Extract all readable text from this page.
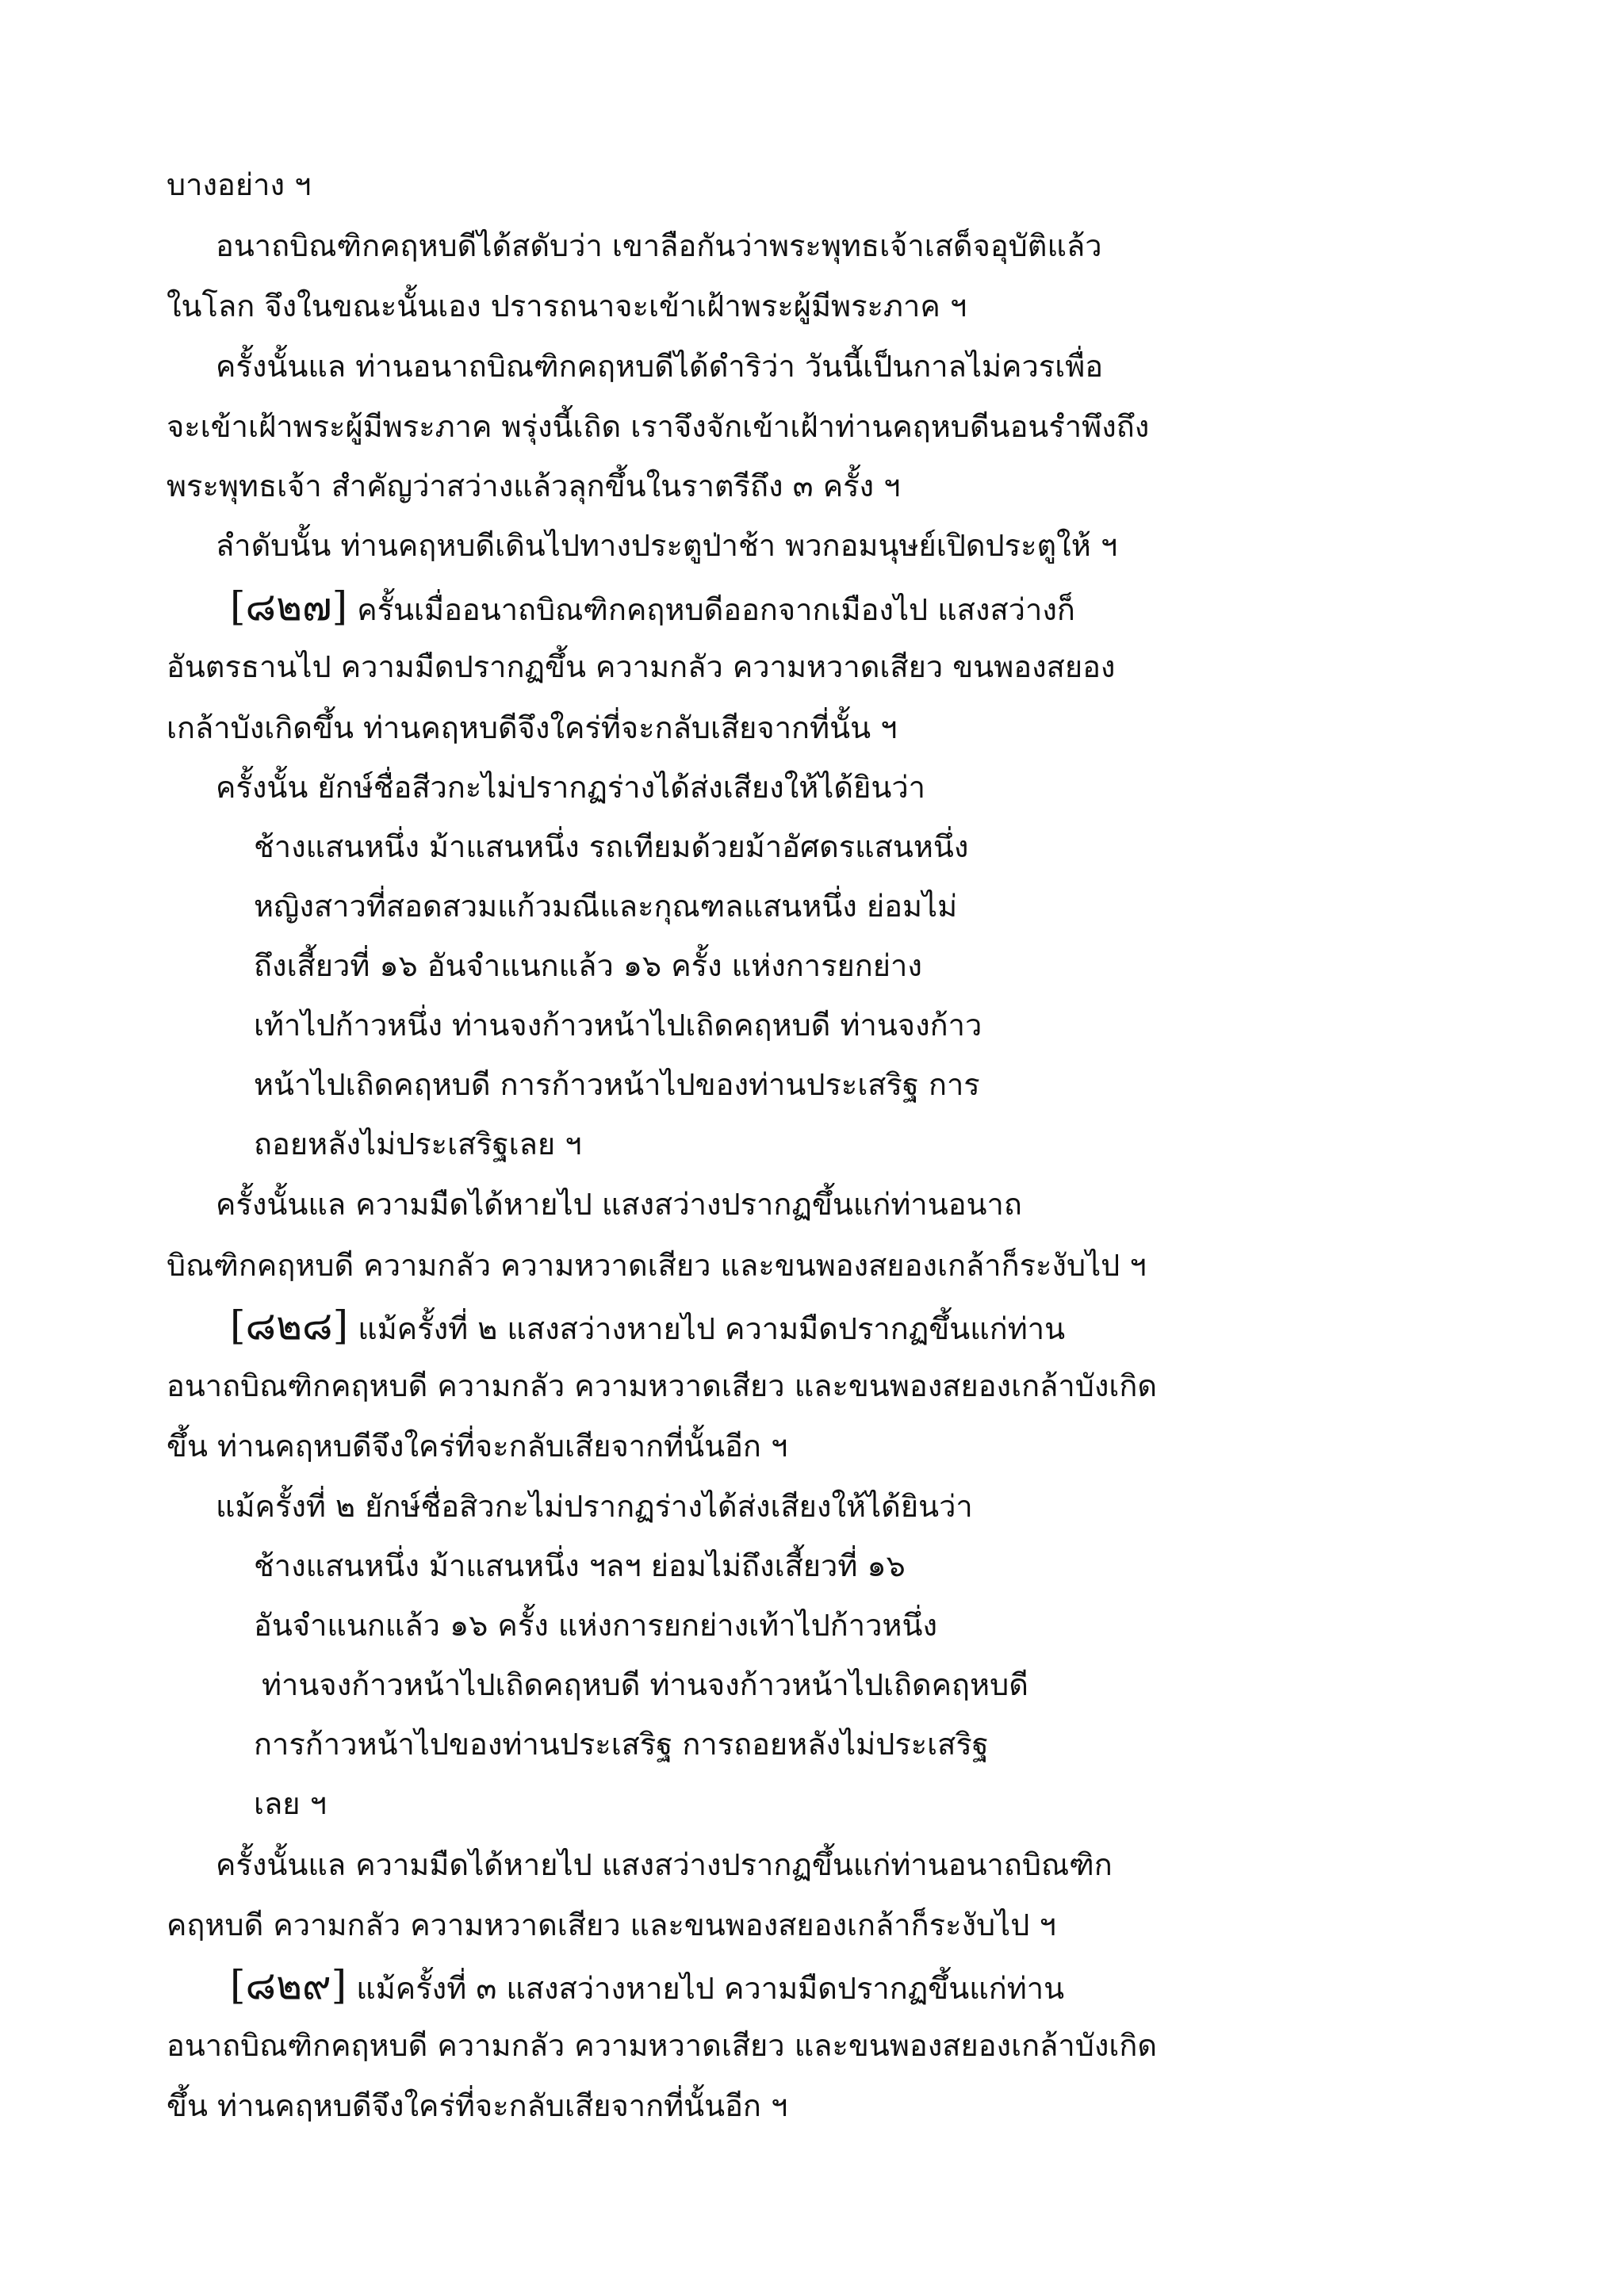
บางอย่าง ฯ

อนาถบิณฑิกคฤหบดีได้สดับว่า เขาลือกันว่าพระพุทธเจ้าเสด็จอุบัติแล้ว

ในโลก จึงในขณะนั้นเอง ปรารถนาจะเข้าเฝ้าพระผู้มีพระภาค ฯ

ครั้งนั้นแล ท่านอนาถบิณฑิกคฤหบดีได้ดำริว่า วันนี้เป็นกาลไม่ควรเพื่อ

จะเข้าเฝ้าพระผู้มีพระภาค พรุ่งนี้เถิด เราจึงจักเข้าเฝ้าท่านคฤหบดีนอนรำพึงถึง

พระพุทธเจ้า สำคัญว่าสว่างแล้วลุกขึ้นในราตรีถึง ๓ ครั้ง ฯ

ลำดับนั้น ท่านคฤหบดีเดินไปทางประตูป่าช้า พวกอมนุษย์เปิดประตูให้ ฯ

[๘๒๗] ครั้นเมื่ออนาถบิณฑิกคฤหบดีออกจากเมืองไป แสงสว่างก็

อันตรธานไป ความมืดปรากฏขึ้น ความกลัว ความหวาดเสียว ขนพองสยอง

เกล้าบังเกิดขึ้น ท่านคฤหบดีจึงใคร่ที่จะกลับเสียจากที่นั้น ฯ

ครั้งนั้น ยักษ์ชื่อสีวกะไม่ปรากฏร่างได้ส่งเสียงให้ได้ยินว่า

ช้างแสนหนึ่ง ม้าแสนหนึ่ง รถเทียมด้วยม้าอัศดรแสนหนึ่ง

หญิงสาวที่สอดสวมแก้วมณีและกุณฑลแสนหนึ่ง ย่อมไม่

ถึงเสี้ยวที่ ๑๖ อันจำแนกแล้ว ๑๖ ครั้ง แห่งการยกย่าง

เท้าไปก้าวหนึ่ง ท่านจงก้าวหน้าไปเถิดคฤหบดี ท่านจงก้าว

หน้าไปเถิดคฤหบดี การก้าวหน้าไปของท่านประเสริฐ การ

ถอยหลังไม่ประเสริฐเลย ฯ

ครั้งนั้นแล ความมืดได้หายไป แสงสว่างปรากฏขึ้นแก่ท่านอนาถ

บิณฑิกคฤหบดี ความกลัว ความหวาดเสียว และขนพองสยองเกล้าก็ระงับไป ฯ

[๘๒๘] แม้ครั้งที่ ๒ แสงสว่างหายไป ความมืดปรากฏขึ้นแก่ท่าน

อนาถบิณฑิกคฤหบดี ความกลัว ความหวาดเสียว และขนพองสยองเกล้าบังเกิด

ขึ้น ท่านคฤหบดีจึงใคร่ที่จะกลับเสียจากที่นั้นอีก ฯ

แม้ครั้งที่ ๒ ยักษ์ชื่อสิวกะไม่ปรากฏร่างได้ส่งเสียงให้ได้ยินว่า

ช้างแสนหนึ่ง ม้าแสนหนึ่ง ฯลฯ ย่อมไม่ถึงเสี้ยวที่ ๑๖

อันจำแนกแล้ว ๑๖ ครั้ง แห่งการยกย่างเท้าไปก้าวหนึ่ง

ท่านจงก้าวหน้าไปเถิดคฤหบดี ท่านจงก้าวหน้าไปเถิดคฤหบดี

การก้าวหน้าไปของท่านประเสริฐ การถอยหลังไม่ประเสริฐ

เลย ฯ

ครั้งนั้นแล ความมืดได้หายไป แสงสว่างปรากฏขึ้นแก่ท่านอนาถบิณฑิก

คฤหบดี ความกลัว ความหวาดเสียว และขนพองสยองเกล้าก็ระงับไป ฯ

[๘๒๙] แม้ครั้งที่ ๓ แสงสว่างหายไป ความมืดปรากฏขึ้นแก่ท่าน

อนาถบิณฑิกคฤหบดี ความกลัว ความหวาดเสียว และขนพองสยองเกล้าบังเกิด

ขึ้น ท่านคฤหบดีจึงใคร่ที่จะกลับเสียจากที่นั้นอีก ฯ
